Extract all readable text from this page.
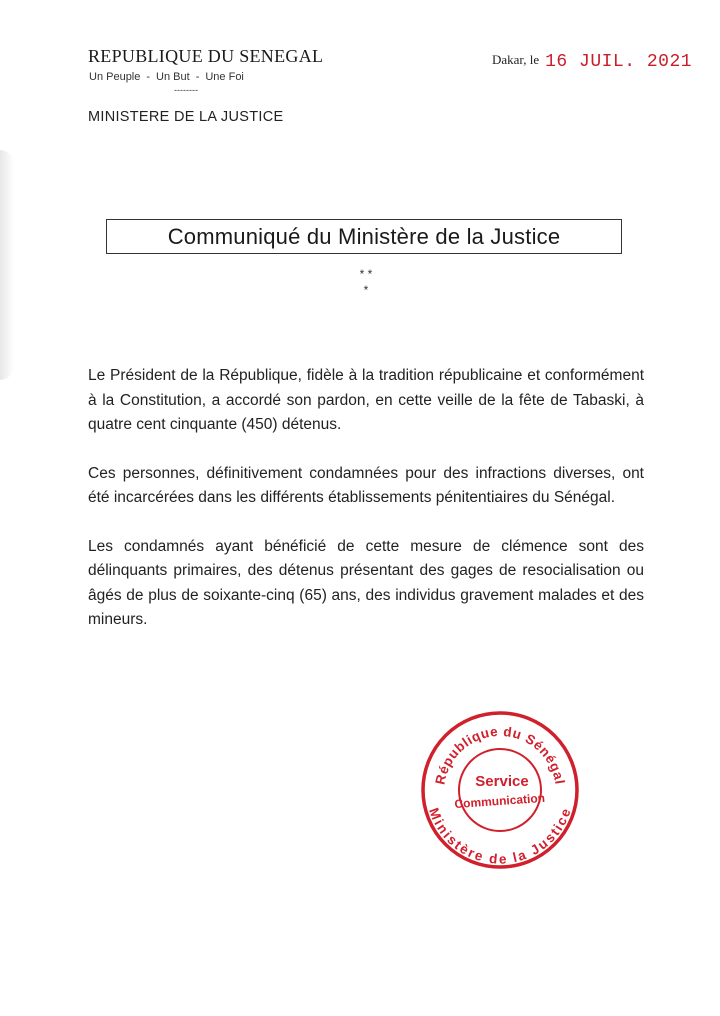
REPUBLIQUE DU SENEGAL
Un Peuple - Un But - Une Foi
--------
MINISTERE DE LA JUSTICE
Dakar, le 16 JUIL. 2021
Communiqué du Ministère de la Justice
* *
*

Le Président de la République, fidèle à la tradition républicaine et conformément à la Constitution, a accordé son pardon, en cette veille de la fête de Tabaski, à quatre cent cinquante (450) détenus.

Ces personnes, définitivement condamnées pour des infractions diverses, ont été incarcérées dans les différents établissements pénitentiaires du Sénégal.

Les condamnés ayant bénéficié de cette mesure de clémence sont des délinquants primaires, des détenus présentant des gages de resocialisation ou âgés de plus de soixante-cinq (65) ans, des individus gravement malades et des mineurs.

République du Sénégal
Ministère de la Justice
Service
Communication
